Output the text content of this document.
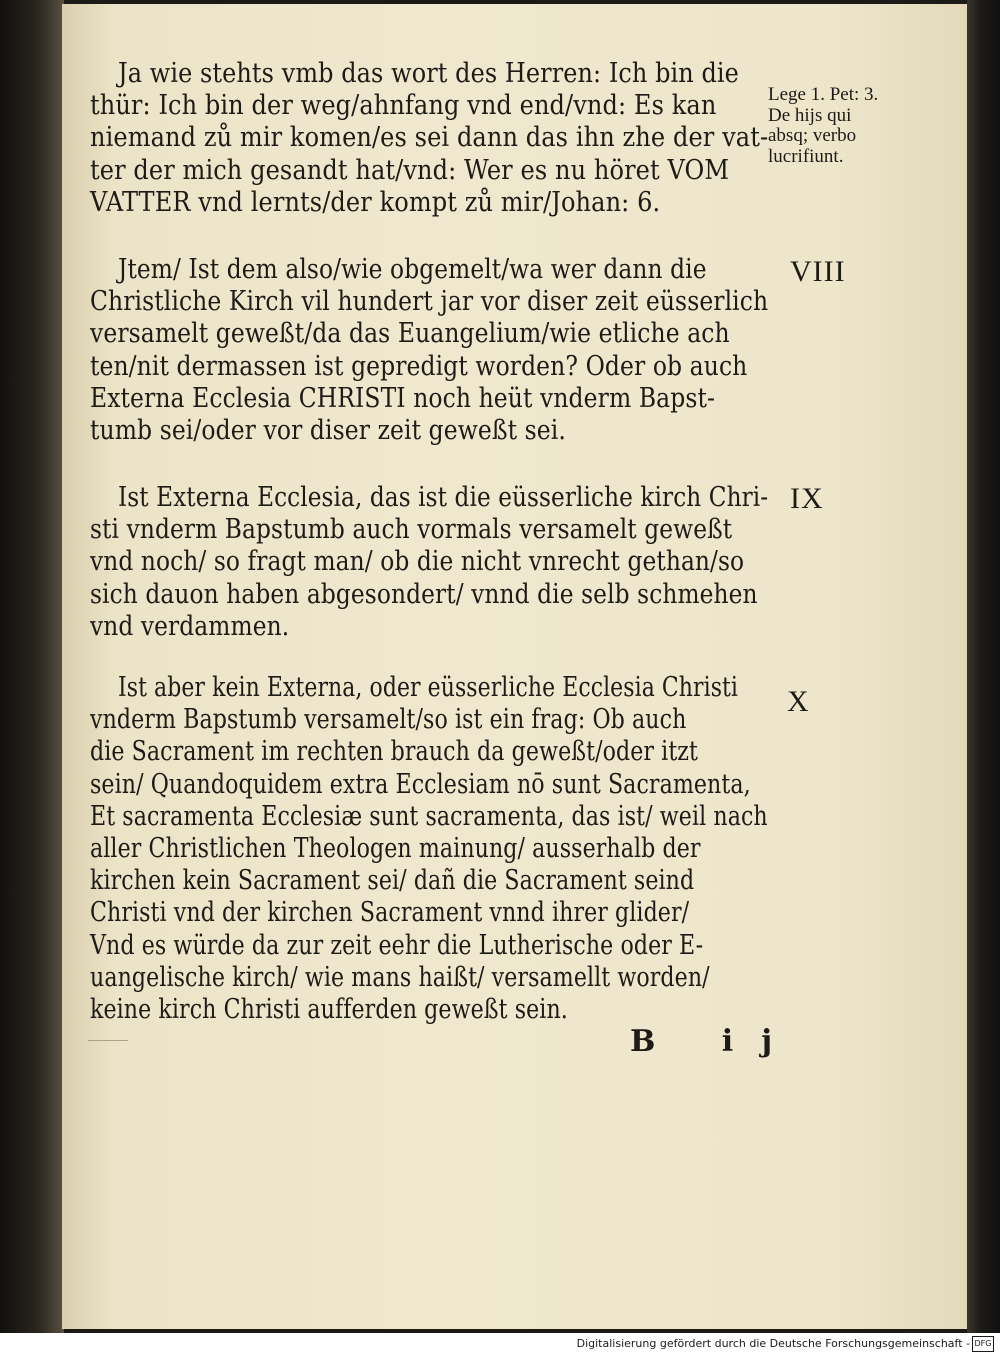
Ja wie stehts vmb das wort des Herren: Ich bin die
thür: Ich bin der weg/ahnfang vnd end/vnd: Es kan
niemand zů mir komen/es sei dann das ihn zhe der vat-
ter der mich gesandt hat/vnd: Wer es nu höret VOM
VATTER vnd lernts/der kompt zů mir/Johan: 6.
Lege 1. Pet: 3.
De hijs qui
absq; verbo
lucrifiunt.
Jtem/ Ist dem also/wie obgemelt/wa wer dann die
Christliche Kirch vil hundert jar vor diser zeit eüsserlich
versamelt geweßt/da das Euangelium/wie etliche ach
ten/nit dermassen ist gepredigt worden? Oder ob auch
Externa Ecclesia CHRISTI noch heüt vnderm Bapst-
tumb sei/oder vor diser zeit geweßt sei.
VIII
Ist Externa Ecclesia, das ist die eüsserliche kirch Chri-
sti vnderm Bapstumb auch vormals versamelt geweßt
vnd noch/ so fragt man/ ob die nicht vnrecht gethan/so
sich dauon haben abgesondert/ vnnd die selb schmehen
vnd verdammen.
IX
Ist aber kein Externa, oder eüsserliche Ecclesia Christi
vnderm Bapstumb versamelt/so ist ein frag: Ob auch
die Sacrament im rechten brauch da geweßt/oder itzt
sein/ Quandoquidem extra Ecclesiam nō sunt Sacramenta,
Et sacramenta Ecclesiæ sunt sacramenta, das ist/ weil nach
aller Christlichen Theologen mainung/ ausserhalb der
kirchen kein Sacrament sei/ dañ die Sacrament seind
Christi vnd der kirchen Sacrament vnnd ihrer glider/
Vnd es würde da zur zeit eehr die Lutherische oder E-
uangelische kirch/ wie mans haißt/ versamellt worden/
keine kirch Christi aufferden geweßt sein.
X
B ij
Digitalisierung gefördert durch die Deutsche Forschungsgemeinschaft - DFG
